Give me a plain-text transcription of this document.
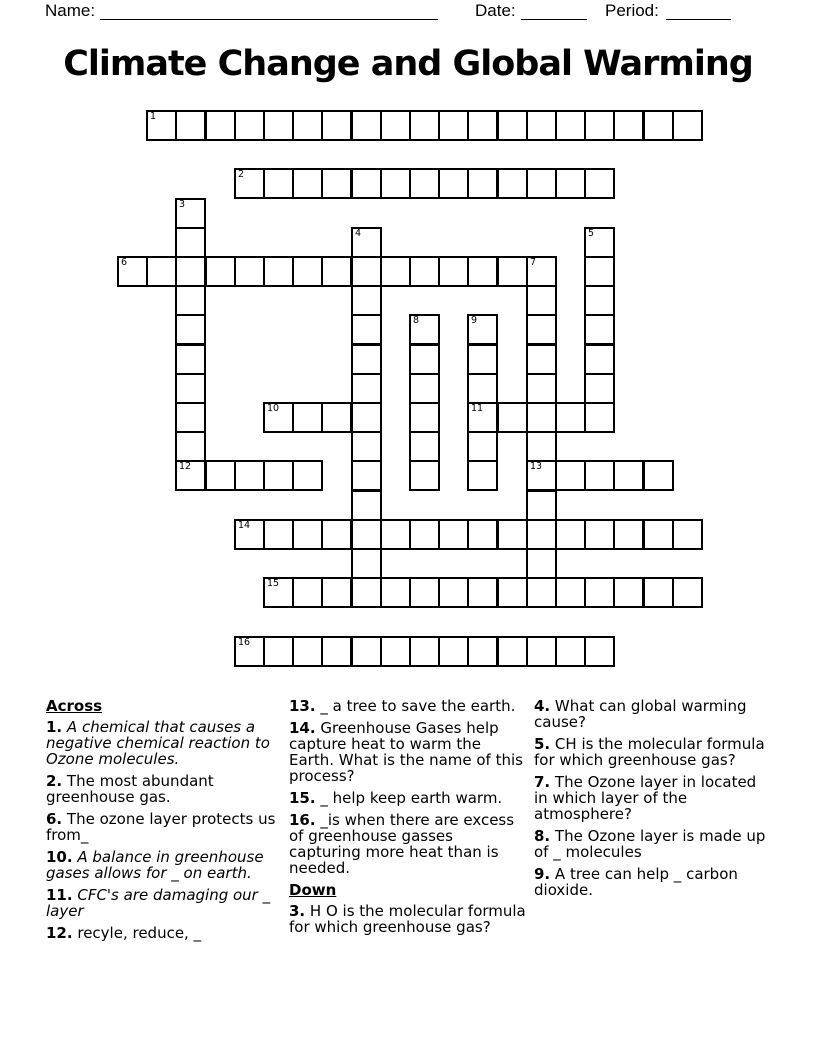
Name:	Date:	Period:
Climate Change and Global Warming
1
2
3
4	5
6	7
8	9
10	11
12	13
14
15
16
Across
1. A chemical that causes a negative chemical reaction to Ozone molecules.
2. The most abundant greenhouse gas.
6. The ozone layer protects us from_
10. A balance in greenhouse gases allows for _ on earth.
11. CFC's are damaging our _ layer
12. recyle, reduce, _
13. _ a tree to save the earth.
14. Greenhouse Gases help capture heat to warm the Earth. What is the name of this process?
15. _ help keep earth warm.
16. _is when there are excess of greenhouse gasses capturing more heat than is needed.
Down
3. H O is the molecular formula for which greenhouse gas?
4. What can global warming cause?
5. CH is the molecular formula for which greenhouse gas?
7. The Ozone layer in located in which layer of the atmosphere?
8. The Ozone layer is made up of _ molecules
9. A tree can help _ carbon dioxide.
